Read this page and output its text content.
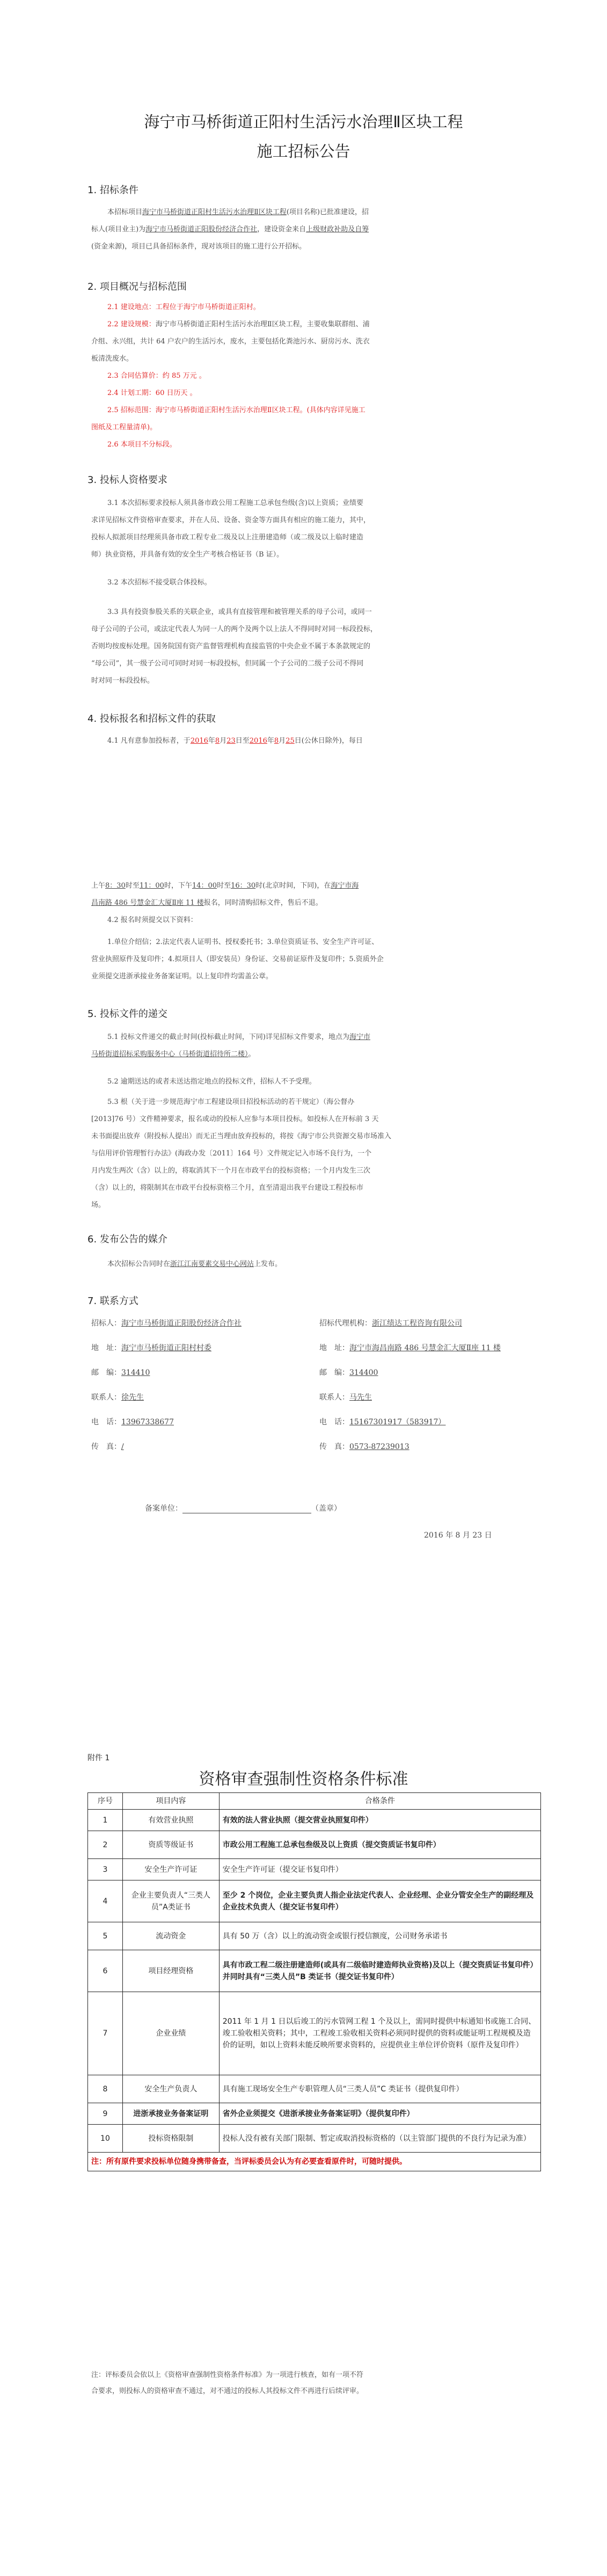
海宁市马桥街道正阳村生活污水治理Ⅱ区块工程
施工招标公告
1. 招标条件
本招标项目海宁市马桥街道正阳村生活污水治理Ⅱ区块工程(项目名称)已批准建设，招
标人(项目业主)为海宁市马桥街道正阳股份经济合作社，建设资金来自上级财政补助及自筹
(资金来源)，项目已具备招标条件，现对该项目的施工进行公开招标。
2. 项目概况与招标范围
2.1 建设地点：工程位于海宁市马桥街道正阳村。
2.2 建设规模：海宁市马桥街道正阳村生活污水治理Ⅱ区块工程，主要收集联群组、浦
介组、永兴组，共计 64 户农户的生活污水，废水，主要包括化粪池污水、厨房污水、洗衣
板清洗废水。
2.3 合同估算价：约 85 万元 。
2.4 计划工期：60 日历天 。
2.5 招标范围：海宁市马桥街道正阳村生活污水治理Ⅱ区块工程。(具体内容详见施工
图纸及工程量清单)。
2.6 本项目不分标段。
3. 投标人资格要求
3.1 本次招标要求投标人须具备市政公用工程施工总承包叁级(含)以上资质；业绩要
求详见招标文件资格审查要求，并在人员、设备、资金等方面具有相应的施工能力，其中，
投标人拟派项目经理须具备市政工程专业二级及以上注册建造师（或二级及以上临时建造
师）执业资格，并具备有效的安全生产考核合格证书（B 证）。
3.2 本次招标不接受联合体投标。
3.3 具有投资参股关系的关联企业，或具有直接管理和被管理关系的母子公司，或同一
母子公司的子公司，或法定代表人为同一人的两个及两个以上法人不得同时对同一标段投标，
否则均按废标处理。国务院国有资产监督管理机构直接监管的中央企业不属于本条款规定的
“母公司”，其一级子公司可同时对同一标段投标，但同属一个子公司的二级子公司不得同
时对同一标段投标。
4. 投标报名和招标文件的获取
4.1 凡有意参加投标者，于2016年8月23日至2016年8月25日(公休日除外)，每日
上午8：30时至11：00时，下午14：00时至16：30时(北京时间，下同)，在海宁市海
昌南路 486 号慧金汇大厦Ⅱ座 11 楼报名，同时清购招标文件，售后不退。
4.2 报名时须提交以下资料：
1.单位介绍信；2.法定代表人证明书、授权委托书；3.单位资质证书、安全生产许可证、
营业执照原件及复印件；4.拟项目人（即安装员）身份证、交易前证原件及复印件；5.资质外企
业须提交进浙承接业务备案证明。以上复印件均需盖公章。
5. 投标文件的递交
5.1 投标文件递交的截止时间(投标截止时间，下同)详见招标文件要求，地点为海宁市
马桥街道招标采购服务中心（马桥街道招待所二楼）。
5.2 逾期送达的或者未送达指定地点的投标文件，招标人不予受理。
5.3 根（关于进一步规范海宁市工程建设项目招投标活动的若干规定）（海公督办
[2013]76 号）文件精神要求，报名或动的投标人应参与本项目投标。如投标人在开标前 3 天
未书面提出放弃（附投标人提出）而无正当理由放弃投标的，将按《海宁市公共资源交易市场准入
与信用评价管理暂行办法》(海政办发〔2011〕164 号）文件规定记入市场不良行为，一个
月内发生两次（含）以上的，将取消其下一个月在市政平台的投标资格；一个月内发生三次
（含）以上的，将限制其在市政平台投标资格三个月，直至清退出我平台建设工程投标市
场。
6. 发布公告的媒介
本次招标公告同时在浙江江南要素交易中心网站上发布。
7. 联系方式
招标人：海宁市马桥街道正阳股份经济合作社
地　址：海宁市马桥街道正阳村村委
邮　编：314410
联系人：徐先生
电　话：13967338677
传　真：/
招标代理机构：浙江绩达工程咨询有限公司
地　址：海宁市海昌南路 486 号慧金汇大厦Ⅱ座 11 楼
邮　编：314400
联系人：马先生
电　话：15167301917（583917）
传　真：0573-87239013
备案单位：	（盖章）
2016 年 8 月 23 日
附件 1
资格审查强制性资格条件标准
序号	项目内容	合格条件
1	有效营业执照	有效的法人营业执照（提交营业执照复印件）
2	资质等级证书	市政公用工程施工总承包叁级及以上资质（提交资质证书复印件）
3	安全生产许可证	安全生产许可证（提交证书复印件）
4	企业主要负责人“三类人员”A类证书	至少 2 个岗位，企业主要负责人指企业法定代表人、企业经理、企业分管安全生产的副经理及企业技术负责人（提交证书复印件）
5	流动资金	具有 50 万（含）以上的流动资金或银行授信额度，公司财务承诺书
6	项目经理资格	具有市政工程二级注册建造师(或具有二级临时建造师执业资格)及以上（提交资质证书复印件）并同时具有“三类人员”B 类证书（提交证书复印件）
7	企业业绩	2011 年 1 月 1 日以后竣工的污水管网工程 1 个及以上，需同时提供中标通知书或施工合同、竣工验收相关资料；其中，工程竣工验收相关资料必须同时提供的资料或能证明工程规模及造价的证明，如以上资料未能反映所要求资料的，应提供业主单位评价资料（原件及复印件）
8	安全生产负责人	具有施工现场安全生产专职管理人员“三类人员”C 类证书（提供复印件）
9	进浙承接业务备案证明	省外企业须提交《进浙承接业务备案证明》（提供复印件）
10	投标资格限制	投标人没有被有关部门限制、暂定或取消投标资格的（以主管部门提供的不良行为记录为准）
注：所有原件要求投标单位随身携带备查，当评标委员会认为有必要查看原件时，可随时提供。		
注：评标委员会依以上《资格审查强制性资格条件标准》为一项进行核查，如有一项不符
合要求，则投标人的资格审查不通过，对不通过的投标人其投标文件不再进行后续评审。
